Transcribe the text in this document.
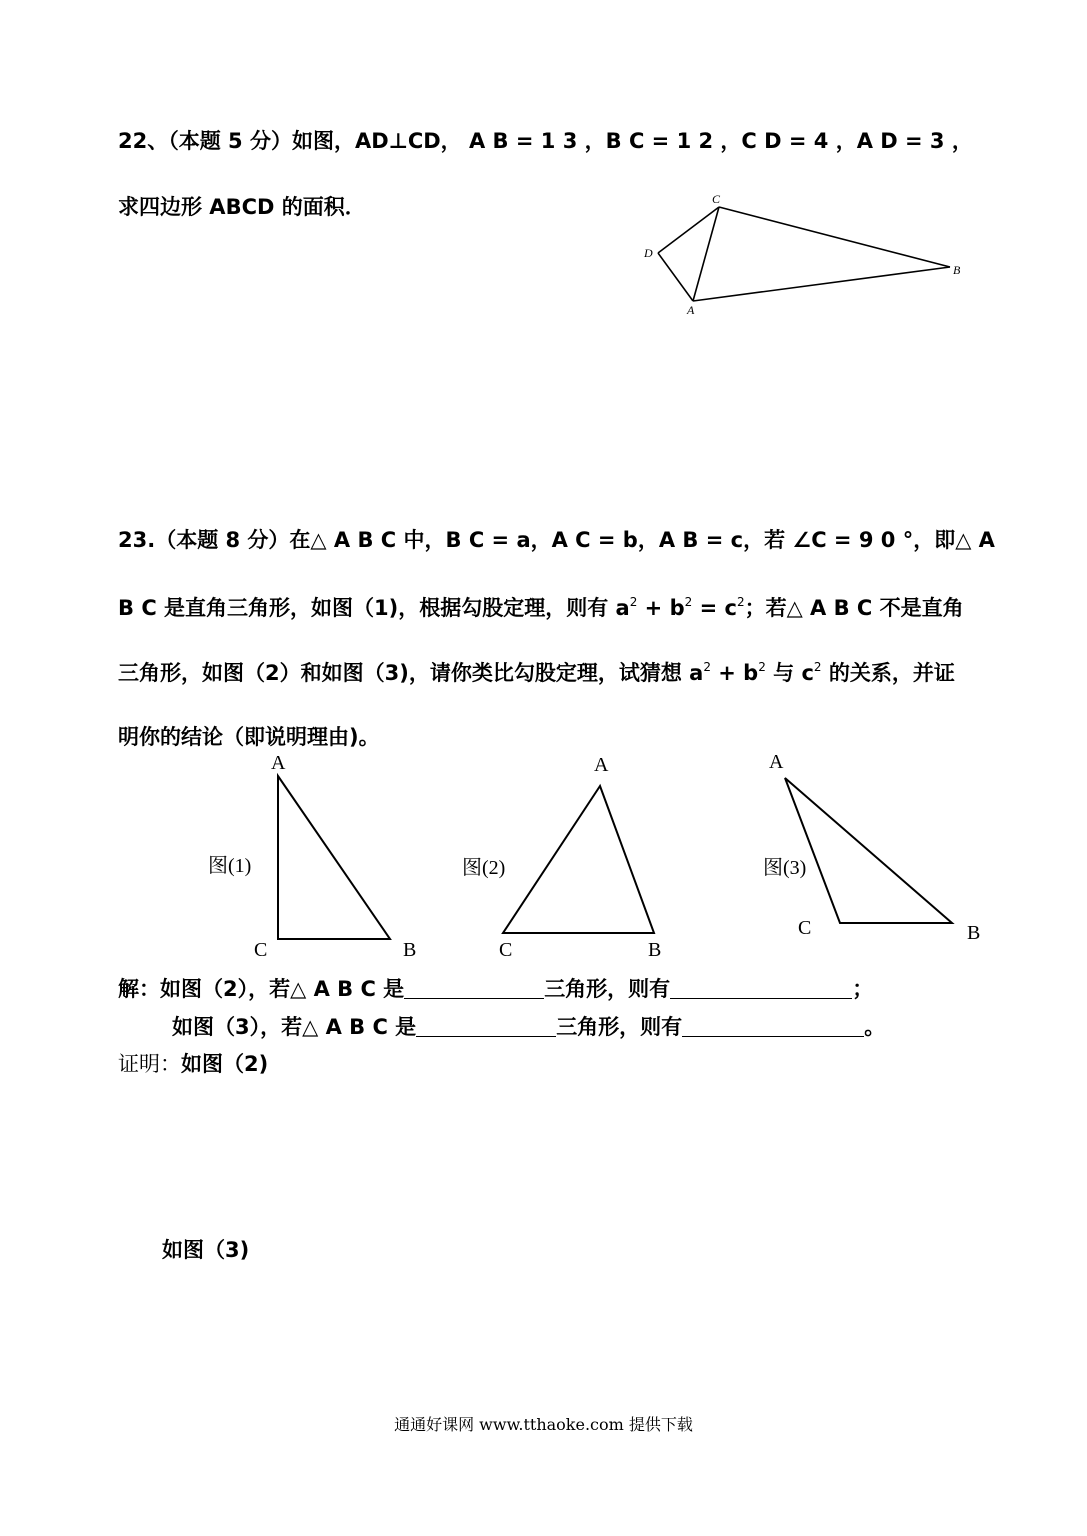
22、（本题 5 分）如图，AD⊥CD， A B = 1 3 ，B C = 1 2 ，C D = 4 ，A D = 3 ，
求四边形 ABCD 的面积．	C
D
B
A
A
C	B
图(1)
A
C	B
图(2)
A
C	B
图(3)
23.（本题 8 分）在△ A B C 中，B C = a，A C = b，A B = c，若 ∠C = 9 0 °，即△ A
B C 是直角三角形，如图（1)，根据勾股定理，则有 $a^2 + b^2 = c^2$；若△ A B C 不是直角
三角形，如图（2）和如图（3)，请你类比勾股定理，试猜想 $a^2 + b^2$ 与 $c^2$ 的关系，并证
明你的结论（即说明理由)。
解：如图（2），若△ A B C 是	三角形，则有	；
如图（3），若△ A B C 是	三角形，则有	。
证明：如图（2)
如图（3)
通通好课网 www.tthaoke.com 提供下载
